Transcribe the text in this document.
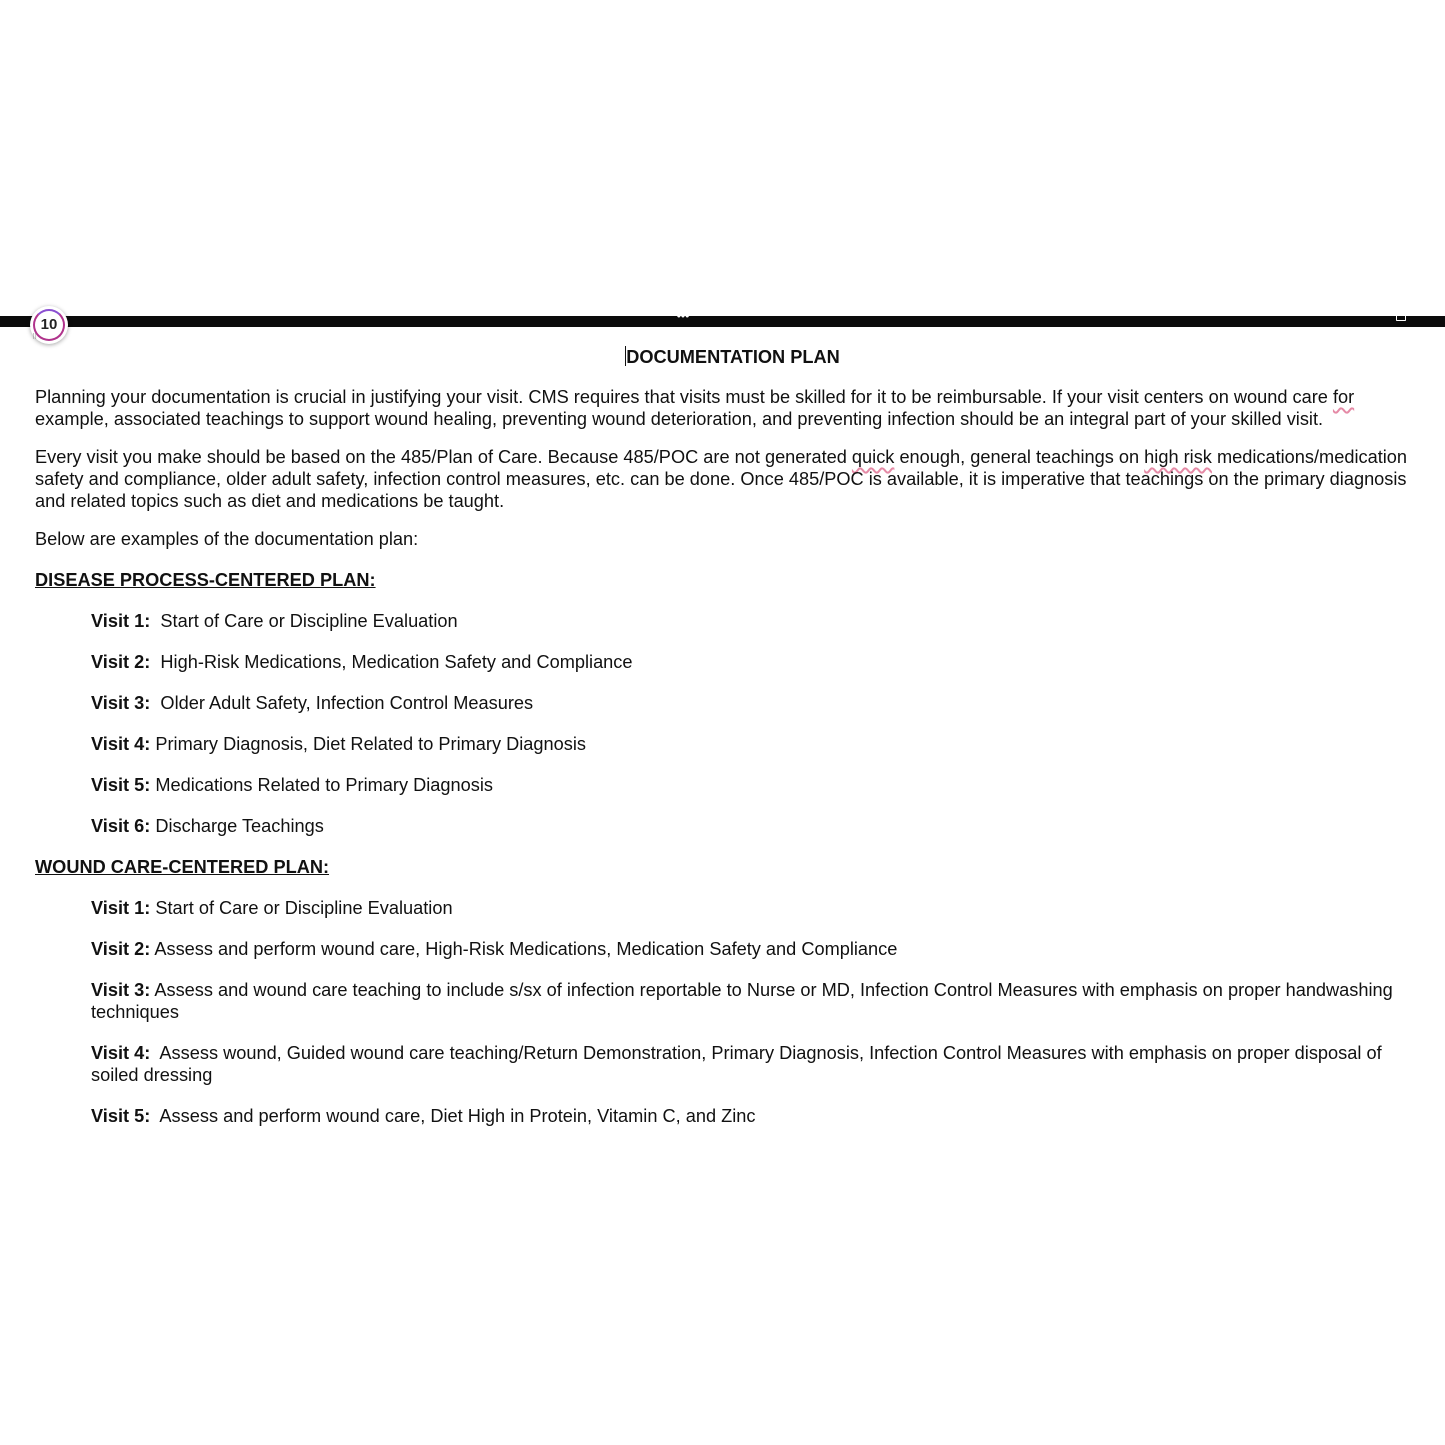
•••
10
⠿
DOCUMENTATION PLAN

Planning your documentation is crucial in justifying your visit. CMS requires that visits must be skilled for it to be reimbursable. If your visit centers on wound care for example, associated teachings to support wound healing, preventing wound deterioration, and preventing infection should be an integral part of your skilled visit.

Every visit you make should be based on the 485/Plan of Care. Because 485/POC are not generated quick enough, general teachings on high risk medications/medication safety and compliance, older adult safety, infection control measures, etc. can be done. Once 485/POC is available, it is imperative that teachings on the primary diagnosis and related topics such as diet and medications be taught.

Below are examples of the documentation plan:

DISEASE PROCESS-CENTERED PLAN:
Visit 1:  Start of Care or Discipline Evaluation
Visit 2:  High-Risk Medications, Medication Safety and Compliance
Visit 3:  Older Adult Safety, Infection Control Measures
Visit 4: Primary Diagnosis, Diet Related to Primary Diagnosis
Visit 5: Medications Related to Primary Diagnosis
Visit 6: Discharge Teachings
WOUND CARE-CENTERED PLAN:
Visit 1: Start of Care or Discipline Evaluation
Visit 2: Assess and perform wound care, High-Risk Medications, Medication Safety and Compliance
Visit 3: Assess and wound care teaching to include s/sx of infection reportable to Nurse or MD, Infection Control Measures with emphasis on proper handwashing techniques
Visit 4:  Assess wound, Guided wound care teaching/Return Demonstration, Primary Diagnosis, Infection Control Measures with emphasis on proper disposal of soiled dressing
Visit 5:  Assess and perform wound care, Diet High in Protein, Vitamin C, and Zinc
